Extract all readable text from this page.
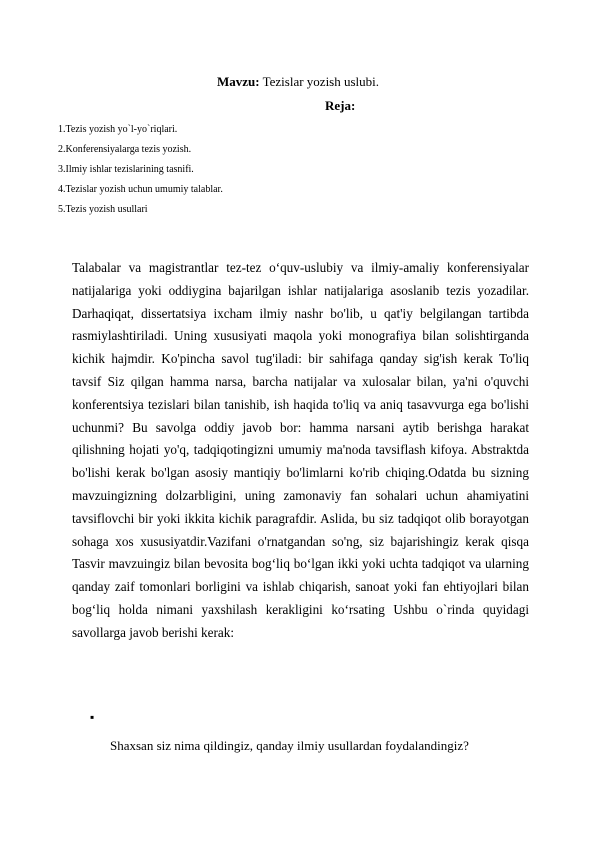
Mavzu: Tezislar yozish uslubi.
Reja:
1.Tezis yozish yo`l-yo`riqlari.
2.Konferensiyalarga tezis yozish.
3.Ilmiy ishlar tezislarining tasnifi.
4.Tezislar yozish uchun umumiy talablar.
5.Tezis yozish usullari

Talabalar va magistrantlar tez-tez o‘quv-uslubiy va ilmiy-amaliy konferensiyalar natijalariga yoki oddiygina bajarilgan ishlar natijalariga asoslanib tezis yozadilar. Darhaqiqat, dissertatsiya ixcham ilmiy nashr bo'lib, u qat'iy belgilangan tartibda rasmiylashtiriladi. Uning xususiyati maqola yoki monografiya bilan solishtirganda kichik hajmdir. Ko'pincha savol tug'iladi: bir sahifaga qanday sig'ish kerak To'liq tavsif Siz qilgan hamma narsa, barcha natijalar va xulosalar bilan, ya'ni o'quvchi konferentsiya tezislari bilan tanishib, ish haqida to'liq va aniq tasavvurga ega bo'lishi uchunmi? Bu savolga oddiy javob bor: hamma narsani aytib berishga harakat qilishning hojati yo'q, tadqiqotingizni umumiy ma'noda tavsiflash kifoya. Abstraktda bo'lishi kerak bo'lgan asosiy mantiqiy bo'limlarni ko'rib chiqing.Odatda bu sizning mavzuingizning dolzarbligini, uning zamonaviy fan sohalari uchun ahamiyatini tavsiflovchi bir yoki ikkita kichik paragrafdir. Aslida, bu siz tadqiqot olib borayotgan sohaga xos xususiyatdir.Vazifani o'rnatgandan so'ng, siz bajarishingiz kerak qisqa Tasvir mavzuingiz bilan bevosita bog‘liq bo‘lgan ikki yoki uchta tadqiqot va ularning qanday zaif tomonlari borligini va ishlab chiqarish, sanoat yoki fan ehtiyojlari bilan bog‘liq holda nimani yaxshilash kerakligini ko‘rsating Ushbu o`rinda quyidagi savollarga javob berishi kerak:

▪
Shaxsan siz nima qildingiz, qanday ilmiy usullardan foydalandingiz?
